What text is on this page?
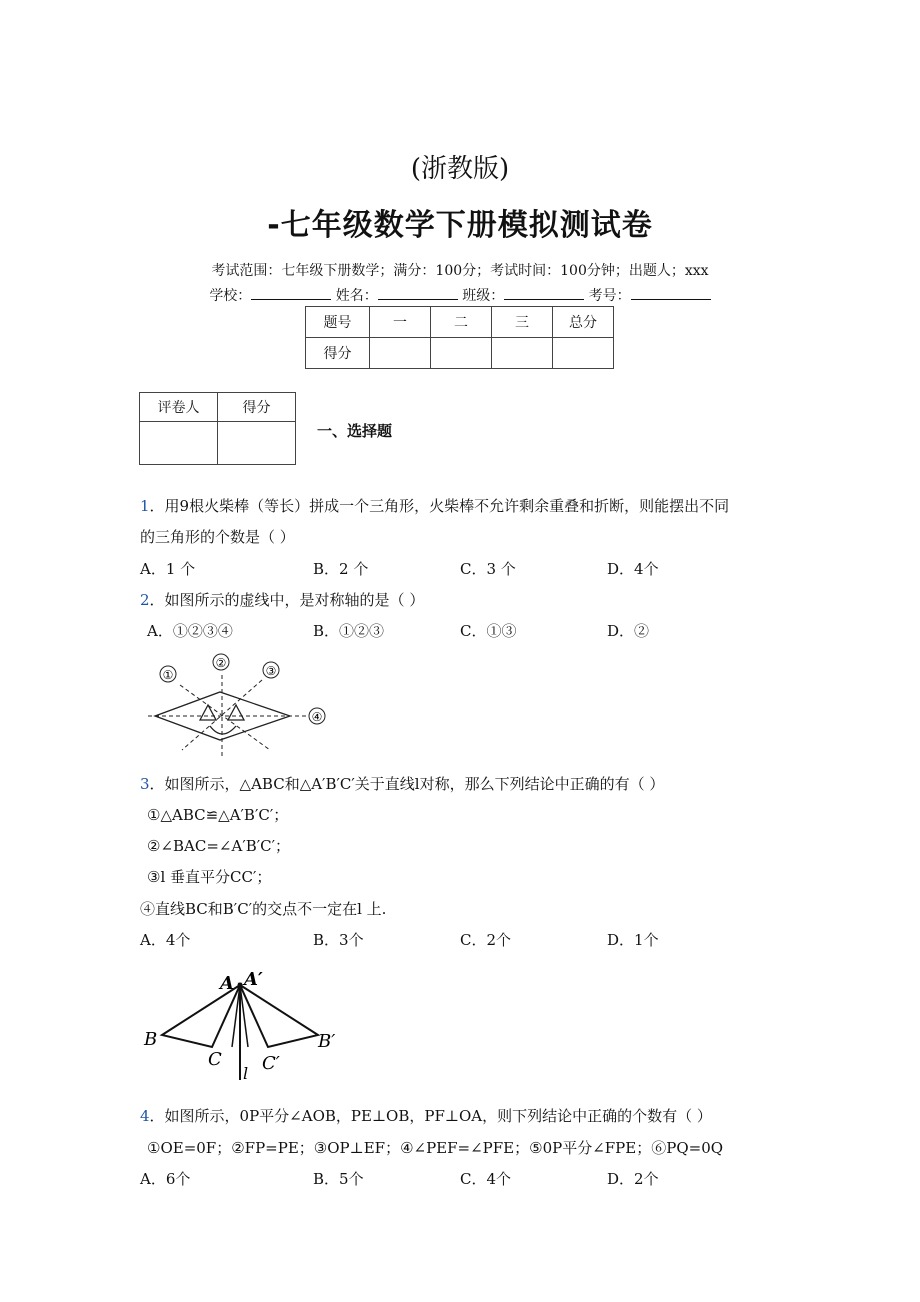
(浙教版)
-七年级数学下册模拟测试卷
考试范围：七年级下册数学；满分：100分；考试时间：100分钟；出题人；xxx
学校：	姓名：	班级：	考号：
题号	一	二	三	总分
得分				
评卷人	得分

一、选择题
1．用9根火柴棒（等长）拼成一个三角形，火柴棒不允许剩余重叠和折断，则能摆出不同
的三角形的个数是（ ）
A．1 个	B．2 个	C．3 个	D．4个
2．如图所示的虚线中，是对称轴的是（ ）
A．①②③④	B．①②③	C．①③	D．②
①
②
③
④
3．如图所示，△ABC和△A′B′C′关于直线l对称，那么下列结论中正确的有（ ）
①△ABC≌△A′B′C′；
②∠BAC=∠A′B′C′；
③l 垂直平分CC′；
④直线BC和B′C′的交点不一定在l 上.
A．4个	B．3个	C．2个	D．1个
A A′
B	B′
C C′
l
4．如图所示，0P平分∠AOB，PE⊥OB，PF⊥OA，则下列结论中正确的个数有（ ）
①OE=0F；②FP=PE；③OP⊥EF；④∠PEF=∠PFE；⑤0P平分∠FPE；⑥PQ=0Q
A．6个	B．5个	C．4个	D．2个
